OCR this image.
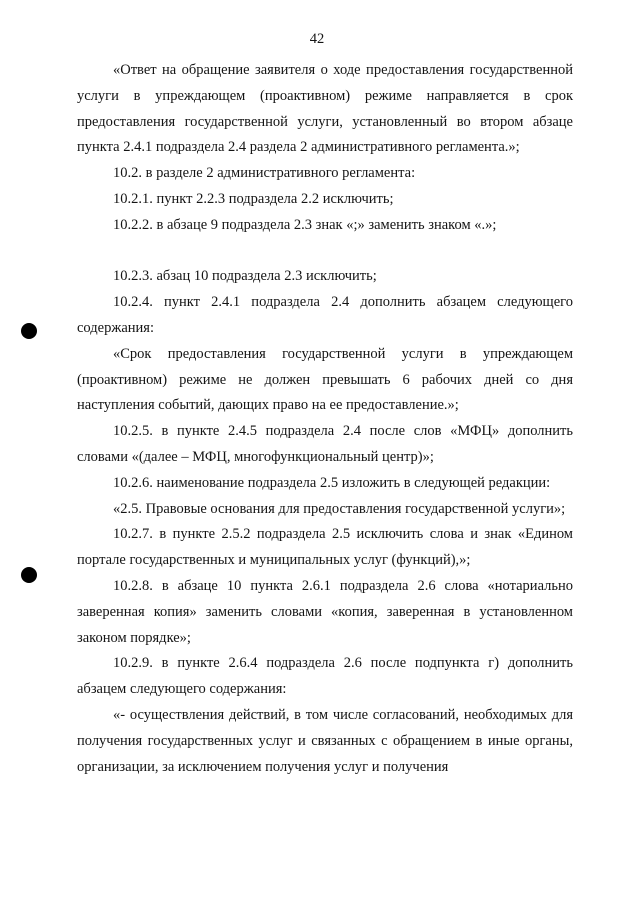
42

«Ответ на обращение заявителя о ходе предоставления государственной услуги в упреждающем (проактивном) режиме направляется в срок предоставления государственной услуги, установленный во втором абзаце пункта 2.4.1 подраздела 2.4 раздела 2 административного регламента.»;

10.2. в разделе 2 административного регламента:

10.2.1. пункт 2.2.3 подраздела 2.2 исключить;

10.2.2. в абзаце 9 подраздела 2.3 знак «;» заменить знаком «.»;

10.2.3. абзац 10 подраздела 2.3 исключить;

10.2.4. пункт 2.4.1 подраздела 2.4 дополнить абзацем следующего содержания:

«Срок предоставления государственной услуги в упреждающем (проактивном) режиме не должен превышать 6 рабочих дней со дня наступления событий, дающих право на ее предоставление.»;

10.2.5. в пункте 2.4.5 подраздела 2.4 после слов «МФЦ» дополнить словами «(далее – МФЦ, многофункциональный центр)»;

10.2.6. наименование подраздела 2.5 изложить в следующей редакции:

«2.5. Правовые основания для предоставления государственной услуги»;

10.2.7. в пункте 2.5.2 подраздела 2.5 исключить слова и знак «Едином портале государственных и муниципальных услуг (функций),»;

10.2.8. в абзаце 10 пункта 2.6.1 подраздела 2.6 слова «нотариально заверенная копия» заменить словами «копия, заверенная в установленном законом порядке»;

10.2.9. в пункте 2.6.4 подраздела 2.6 после подпункта г) дополнить абзацем следующего содержания:

«- осуществления действий, в том числе согласований, необходимых для получения государственных услуг и связанных с обращением в иные органы, организации, за исключением получения услуг и получения
